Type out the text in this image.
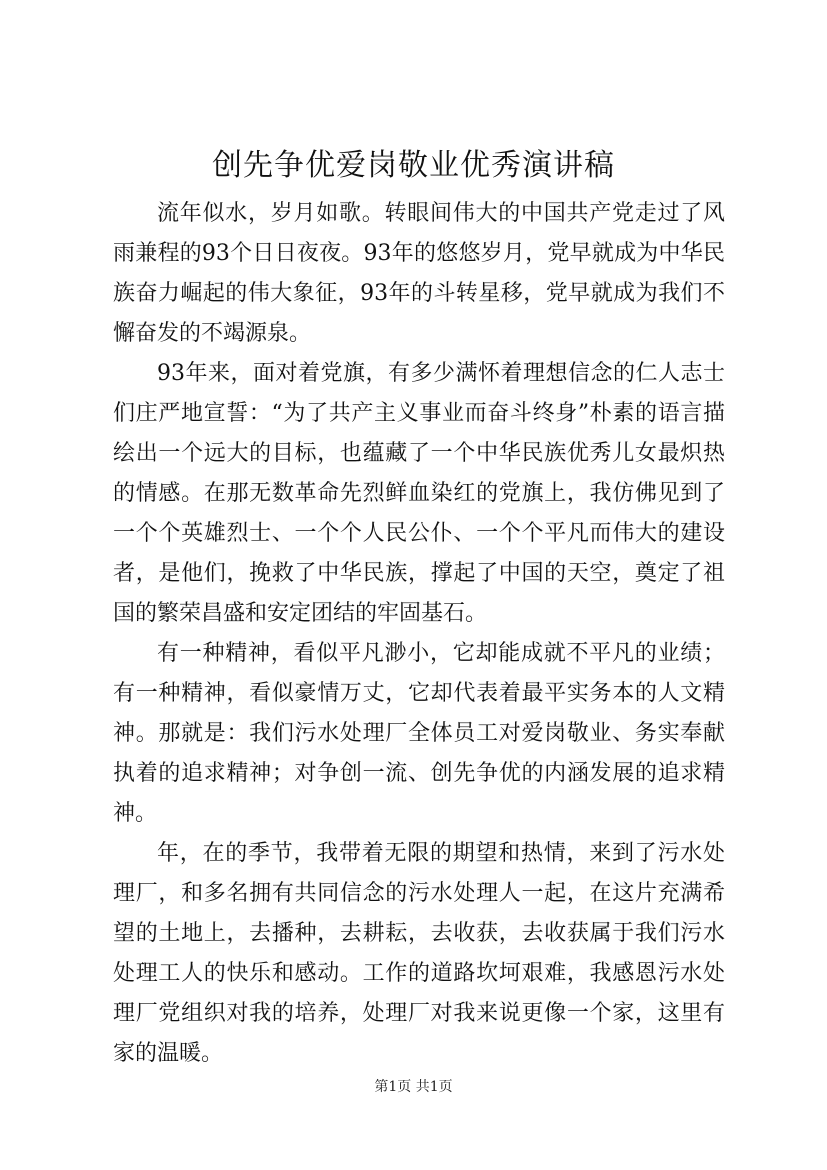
创先争优爱岗敬业优秀演讲稿

流年似水，岁月如歌。转眼间伟大的中国共产党走过了风雨兼程的93个日日夜夜。93年的悠悠岁月，党早就成为中华民族奋力崛起的伟大象征，93年的斗转星移，党早就成为我们不懈奋发的不竭源泉。

93年来，面对着党旗，有多少满怀着理想信念的仁人志士们庄严地宣誓：“为了共产主义事业而奋斗终身”朴素的语言描绘出一个远大的目标，也蕴藏了一个中华民族优秀儿女最炽热的情感。在那无数革命先烈鲜血染红的党旗上，我仿佛见到了一个个英雄烈士、一个个人民公仆、一个个平凡而伟大的建设者，是他们，挽救了中华民族，撑起了中国的天空，奠定了祖国的繁荣昌盛和安定团结的牢固基石。

有一种精神，看似平凡渺小，它却能成就不平凡的业绩；有一种精神，看似豪情万丈，它却代表着最平实务本的人文精神。那就是：我们污水处理厂全体员工对爱岗敬业、务实奉献执着的追求精神；对争创一流、创先争优的内涵发展的追求精神。

年，在的季节，我带着无限的期望和热情，来到了污水处理厂，和多名拥有共同信念的污水处理人一起，在这片充满希望的土地上，去播种，去耕耘，去收获，去收获属于我们污水处理工人的快乐和感动。工作的道路坎坷艰难，我感恩污水处理厂党组织对我的培养，处理厂对我来说更像一个家，这里有家的温暖。

第1页 共1页
